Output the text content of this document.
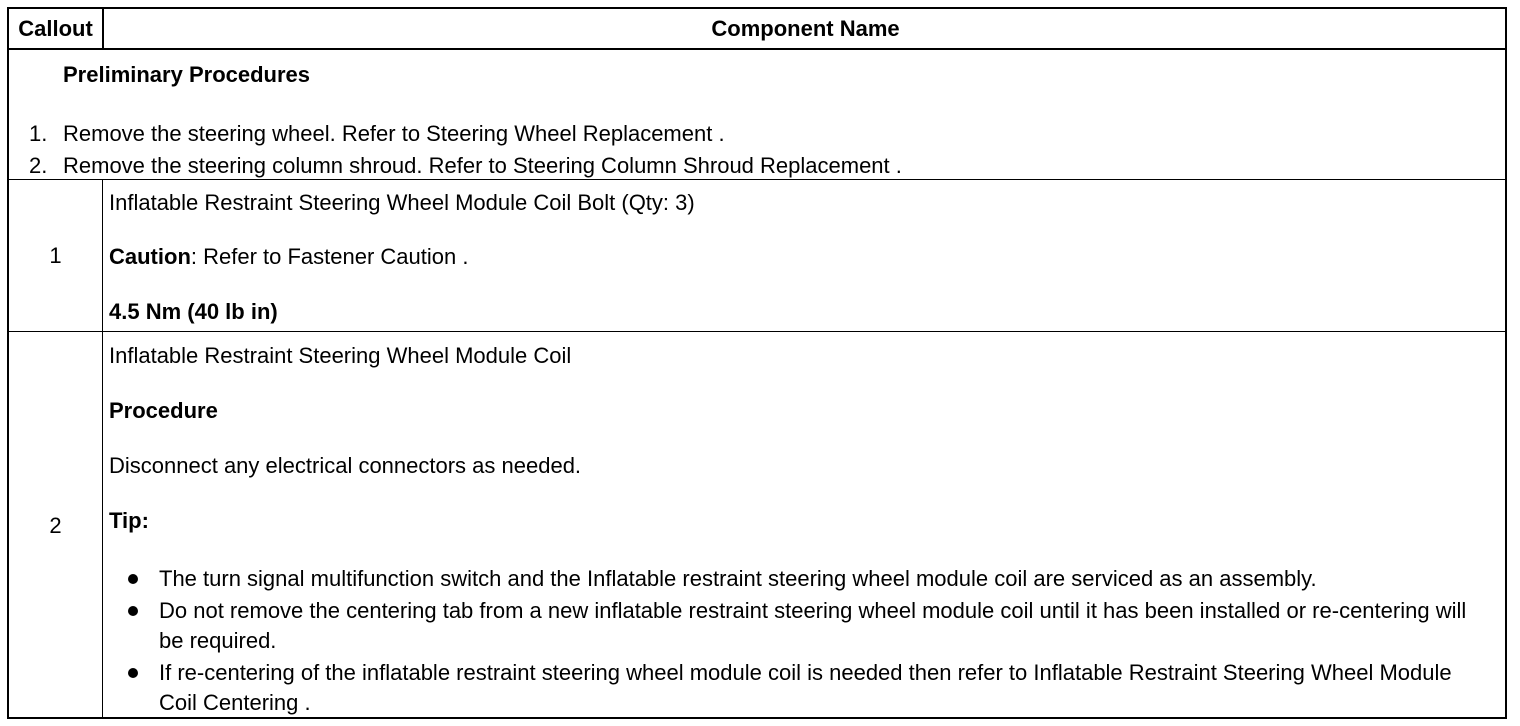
Callout	Component Name
Preliminary Procedures
1. Remove the steering wheel. Refer to Steering Wheel Replacement .
2. Remove the steering column shroud. Refer to Steering Column Shroud Replacement .
1
Inflatable Restraint Steering Wheel Module Coil Bolt (Qty: 3)
Caution: Refer to Fastener Caution .
4.5 Nm (40 lb in)
2
Inflatable Restraint Steering Wheel Module Coil
Procedure
Disconnect any electrical connectors as needed.
Tip:
The turn signal multifunction switch and the Inflatable restraint steering wheel module coil are serviced as an assembly.
Do not remove the centering tab from a new inflatable restraint steering wheel module coil until it has been installed or re-centering will be required.
If re-centering of the inflatable restraint steering wheel module coil is needed then refer to Inflatable Restraint Steering Wheel Module Coil Centering .
